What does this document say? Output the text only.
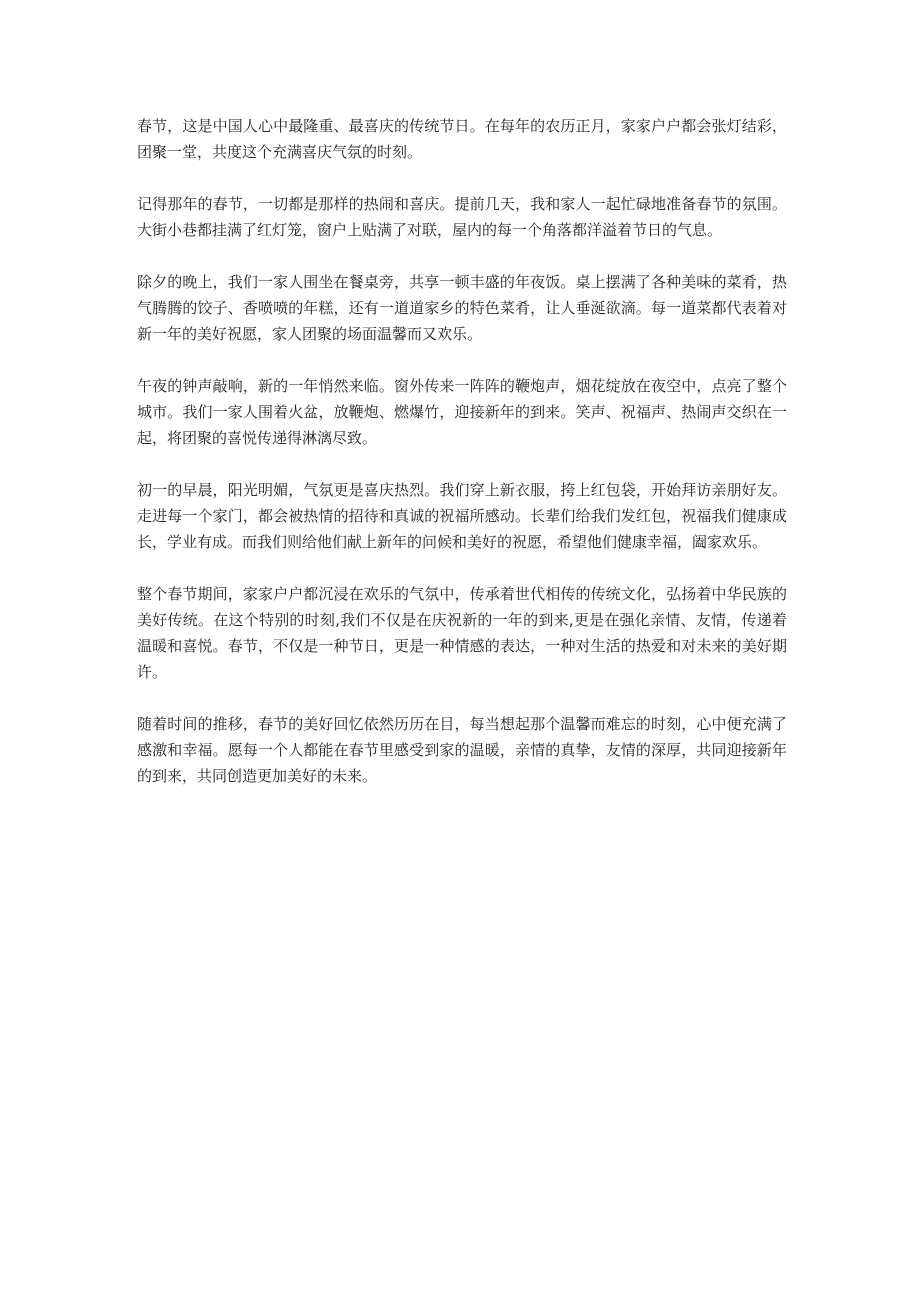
春节，这是中国人心中最隆重、最喜庆的传统节日。在每年的农历正月，家家户户都会张灯结彩，团聚一堂，共度这个充满喜庆气氛的时刻。

记得那年的春节，一切都是那样的热闹和喜庆。提前几天，我和家人一起忙碌地准备春节的氛围。大街小巷都挂满了红灯笼，窗户上贴满了对联，屋内的每一个角落都洋溢着节日的气息。

除夕的晚上，我们一家人围坐在餐桌旁，共享一顿丰盛的年夜饭。桌上摆满了各种美味的菜肴，热气腾腾的饺子、香喷喷的年糕，还有一道道家乡的特色菜肴，让人垂涎欲滴。每一道菜都代表着对新一年的美好祝愿，家人团聚的场面温馨而又欢乐。

午夜的钟声敲响，新的一年悄然来临。窗外传来一阵阵的鞭炮声，烟花绽放在夜空中，点亮了整个城市。我们一家人围着火盆，放鞭炮、燃爆竹，迎接新年的到来。笑声、祝福声、热闹声交织在一起，将团聚的喜悦传递得淋漓尽致。

初一的早晨，阳光明媚，气氛更是喜庆热烈。我们穿上新衣服，挎上红包袋，开始拜访亲朋好友。走进每一个家门，都会被热情的招待和真诚的祝福所感动。长辈们给我们发红包，祝福我们健康成长，学业有成。而我们则给他们献上新年的问候和美好的祝愿，希望他们健康幸福，阖家欢乐。

整个春节期间，家家户户都沉浸在欢乐的气氛中，传承着世代相传的传统文化，弘扬着中华民族的美好传统。在这个特别的时刻,我们不仅是在庆祝新的一年的到来,更是在强化亲情、友情，传递着温暖和喜悦。春节，不仅是一种节日，更是一种情感的表达，一种对生活的热爱和对未来的美好期许。

随着时间的推移，春节的美好回忆依然历历在目，每当想起那个温馨而难忘的时刻，心中便充满了感激和幸福。愿每一个人都能在春节里感受到家的温暖，亲情的真挚，友情的深厚，共同迎接新年的到来，共同创造更加美好的未来。
